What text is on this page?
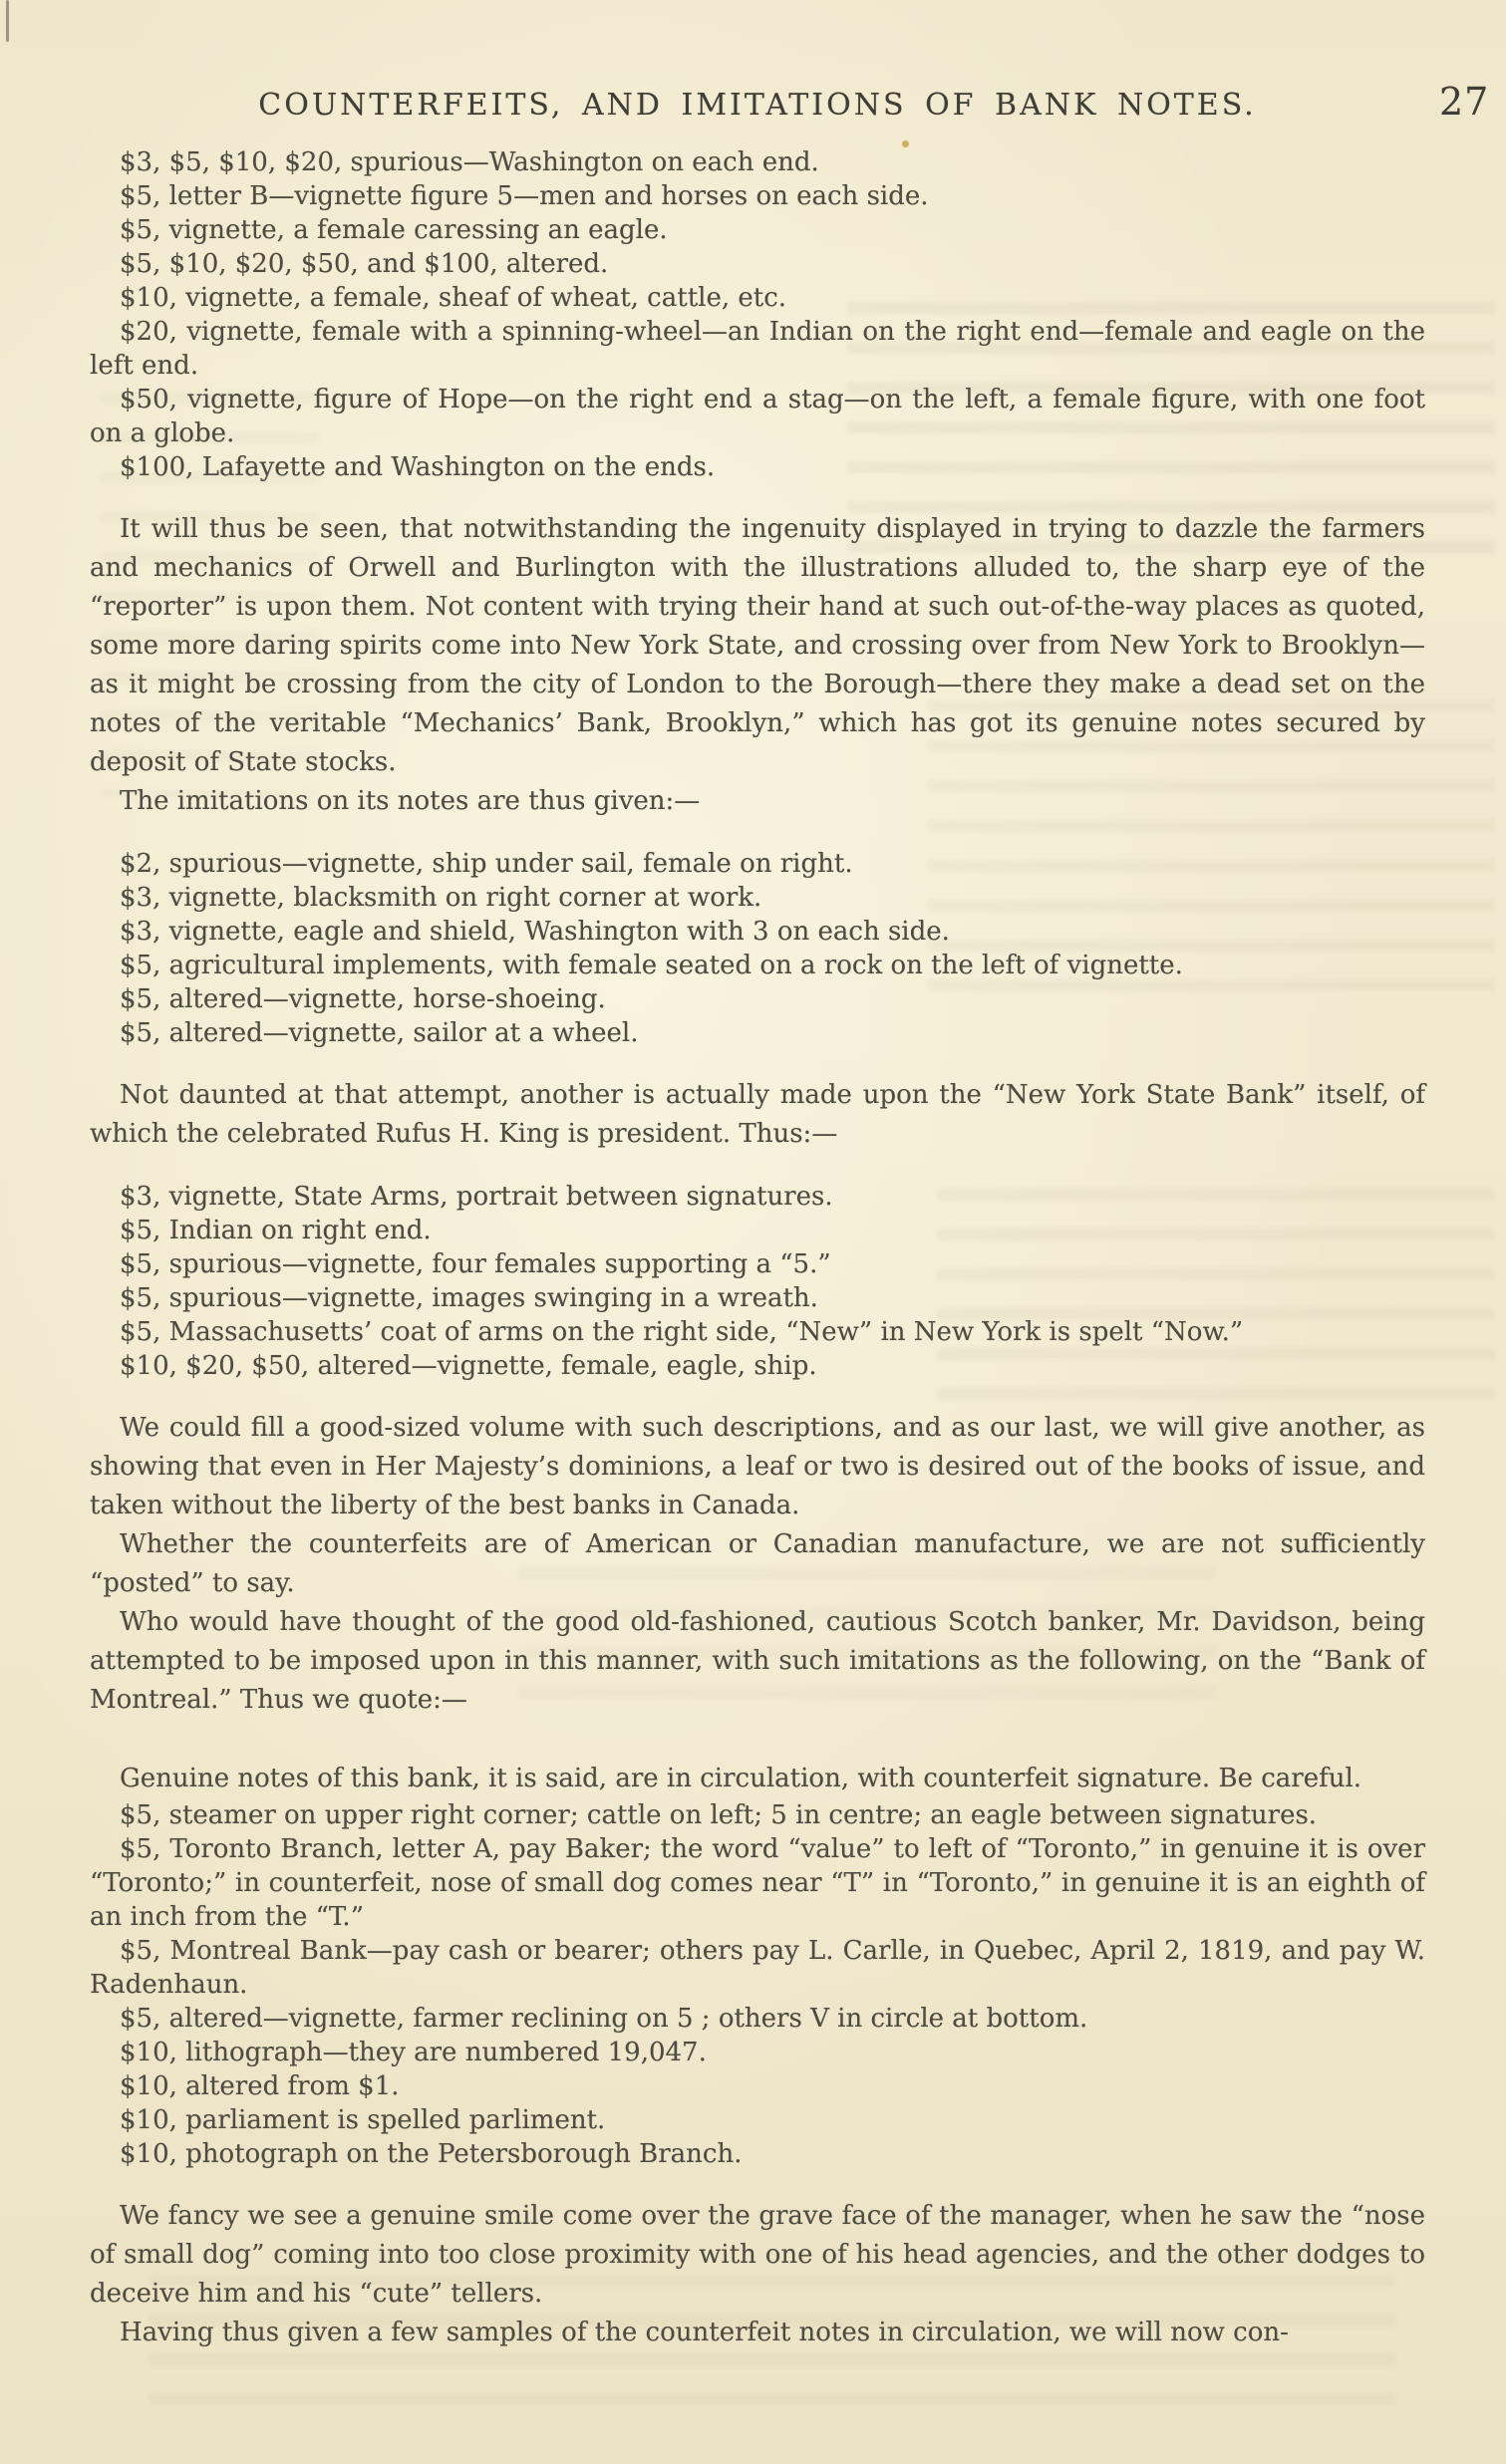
COUNTERFEITS, AND IMITATIONS OF BANK NOTES.	27

$3, $5, $10, $20, spurious—Washington on each end.

$5, letter B—vignette figure 5—men and horses on each side.

$5, vignette, a female caressing an eagle.

$5, $10, $20, $50, and $100, altered.

$10, vignette, a female, sheaf of wheat, cattle, etc.

$20, vignette, female with a spinning-wheel—an Indian on the right end—female and eagle on the left end.

$50, vignette, figure of Hope—on the right end a stag—on the left, a female figure, with one foot on a globe.

$100, Lafayette and Washington on the ends.

It will thus be seen, that notwithstanding the ingenuity displayed in trying to dazzle the farmers and mechanics of Orwell and Burlington with the illustrations alluded to, the sharp eye of the “reporter” is upon them. Not content with trying their hand at such out-of-the-way places as quoted, some more daring spirits come into New York State, and crossing over from New York to Brooklyn—as it might be crossing from the city of London to the Borough—there they make a dead set on the notes of the veritable “Mechanics’ Bank, Brooklyn,” which has got its genuine notes secured by deposit of State stocks.

The imitations on its notes are thus given:—

$2, spurious—vignette, ship under sail, female on right.

$3, vignette, blacksmith on right corner at work.

$3, vignette, eagle and shield, Washington with 3 on each side.

$5, agricultural implements, with female seated on a rock on the left of vignette.

$5, altered—vignette, horse-shoeing.

$5, altered—vignette, sailor at a wheel.

Not daunted at that attempt, another is actually made upon the “New York State Bank” itself, of which the celebrated Rufus H. King is president. Thus:—

$3, vignette, State Arms, portrait between signatures.

$5, Indian on right end.

$5, spurious—vignette, four females supporting a “5.”

$5, spurious—vignette, images swinging in a wreath.

$5, Massachusetts’ coat of arms on the right side, “New” in New York is spelt “Now.”

$10, $20, $50, altered—vignette, female, eagle, ship.

We could fill a good-sized volume with such descriptions, and as our last, we will give another, as showing that even in Her Majesty’s dominions, a leaf or two is desired out of the books of issue, and taken without the liberty of the best banks in Canada.

Whether the counterfeits are of American or Canadian manufacture, we are not sufficiently “posted” to say.

Who would have thought of the good old-fashioned, cautious Scotch banker, Mr. Davidson, being attempted to be imposed upon in this manner, with such imitations as the following, on the “Bank of Montreal.” Thus we quote:—

Genuine notes of this bank, it is said, are in circulation, with counterfeit signature. Be careful.

$5, steamer on upper right corner; cattle on left; 5 in centre; an eagle between signatures.

$5, Toronto Branch, letter A, pay Baker; the word “value” to left of “Toronto,” in genuine it is over “Toronto;” in counterfeit, nose of small dog comes near “T” in “Toronto,” in genuine it is an eighth of an inch from the “T.”

$5, Montreal Bank—pay cash or bearer; others pay L. Carlle, in Quebec, April 2, 1819, and pay W. Radenhaun.

$5, altered—vignette, farmer reclining on 5 ; others V in circle at bottom.

$10, lithograph—they are numbered 19,047.

$10, altered from $1.

$10, parliament is spelled parliment.

$10, photograph on the Petersborough Branch.

We fancy we see a genuine smile come over the grave face of the manager, when he saw the “nose of small dog” coming into too close proximity with one of his head agencies, and the other dodges to deceive him and his “cute” tellers.

Having thus given a few samples of the counterfeit notes in circulation, we will now con-
